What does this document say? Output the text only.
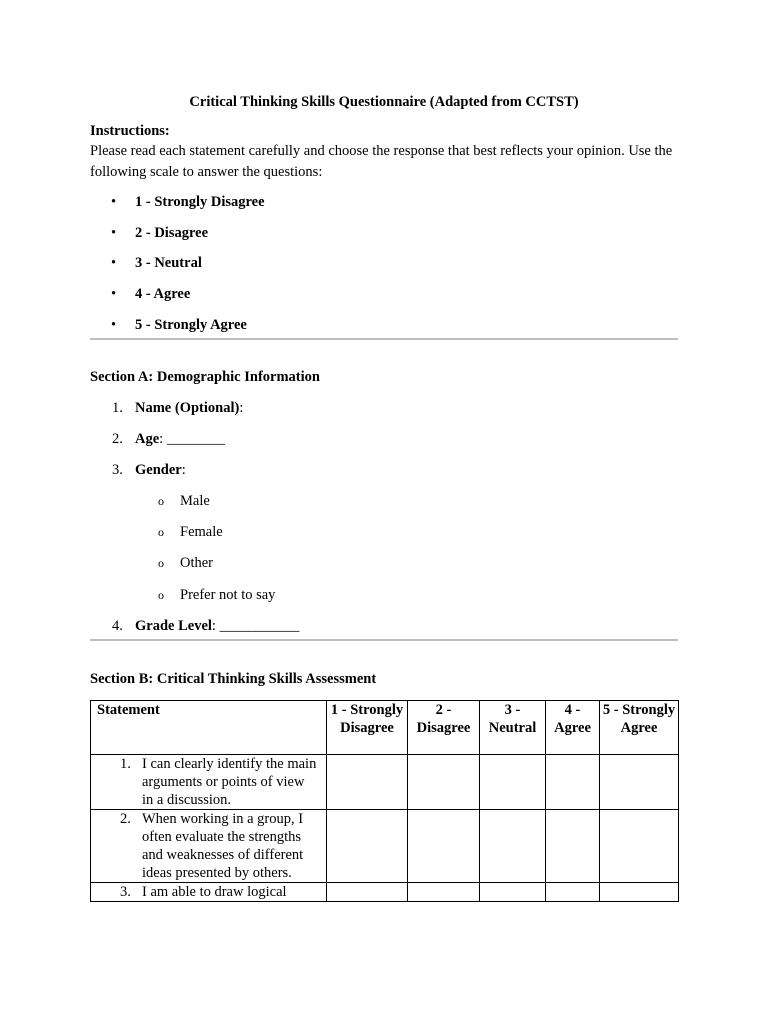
Critical Thinking Skills Questionnaire (Adapted from CCTST)
Instructions:
Please read each statement carefully and choose the response that best reflects your opinion. Use the following scale to answer the questions:
• 1 - Strongly Disagree
• 2 - Disagree
• 3 - Neutral
• 4 - Agree
• 5 - Strongly Agree
Section A: Demographic Information
1. Name (Optional):
2. Age: ________
3. Gender:
o Male
o Female
o Other
o Prefer not to say
4. Grade Level: ___________
Section B: Critical Thinking Skills Assessment
Statement	1 - Strongly Disagree	2 - Disagree	3 - Neutral	4 - Agree	5 - Strongly Agree

1. I can clearly identify the main arguments or points of view in a discussion.					

2. When working in a group, I often evaluate the strengths and weaknesses of different ideas presented by others.					

3. I am able to draw logical					
